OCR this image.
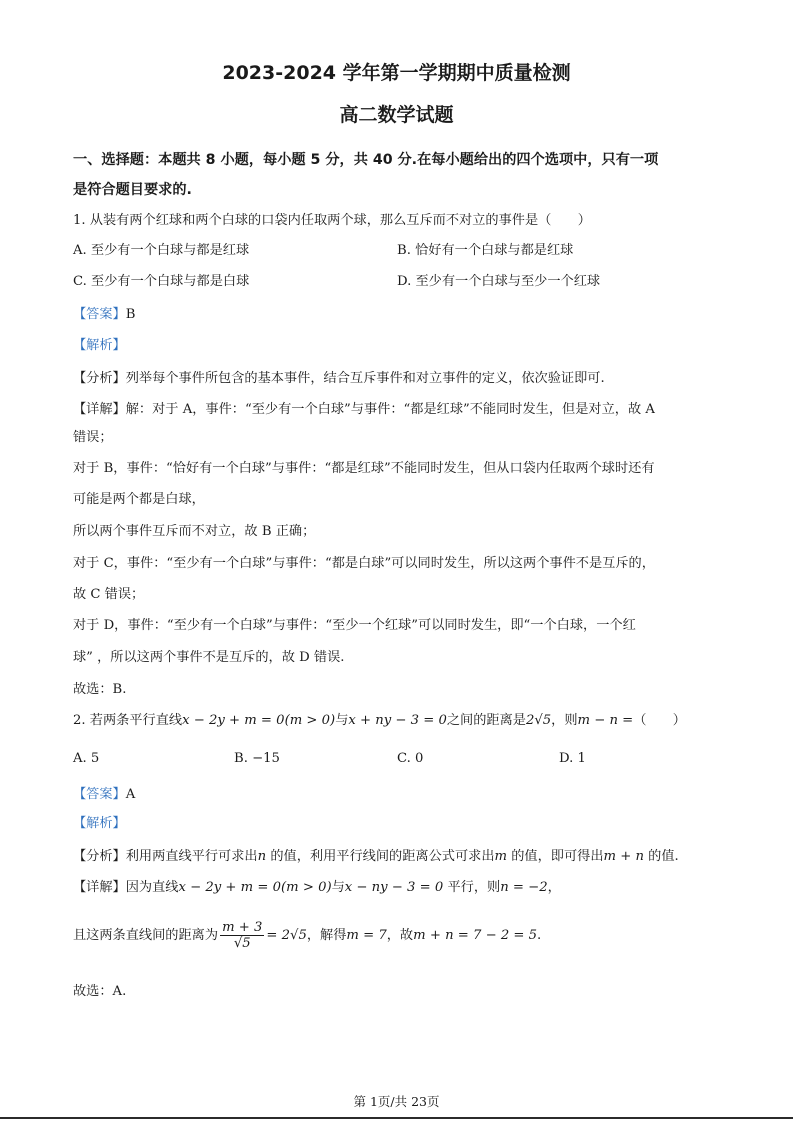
2023-2024 学年第一学期期中质量检测
高二数学试题
一、选择题：本题共 8 小题，每小题 5 分，共 40 分.在每小题给出的四个选项中，只有一项
是符合题目要求的.
1. 从装有两个红球和两个白球的口袋内任取两个球，那么互斥而不对立的事件是（　　）
A. 至少有一个白球与都是红球	B. 恰好有一个白球与都是红球
C. 至少有一个白球与都是白球	D. 至少有一个白球与至少一个红球
【答案】B
【解析】
【分析】列举每个事件所包含的基本事件，结合互斥事件和对立事件的定义，依次验证即可.
【详解】解：对于 A，事件：“至少有一个白球”与事件：“都是红球”不能同时发生，但是对立，故 A
错误；
对于 B，事件：“恰好有一个白球”与事件：“都是红球”不能同时发生，但从口袋内任取两个球时还有
可能是两个都是白球，
所以两个事件互斥而不对立，故 B 正确；
对于 C，事件：“至少有一个白球”与事件：“都是白球”可以同时发生，所以这两个事件不是互斥的，
故 C 错误；
对于 D，事件：“至少有一个白球”与事件：“至少一个红球”可以同时发生，即“一个白球，一个红
球” ，所以这两个事件不是互斥的，故 D 错误.
故选：B.
2. 若两条平行直线x − 2y + m = 0(m > 0)与x + ny − 3 = 0之间的距离是2√5，则m − n =（　　）
A. 5	B. −15	C. 0	D. 1
【答案】A
【解析】
【分析】利用两直线平行可求出n 的值，利用平行线间的距离公式可求出m 的值，即可得出m + n 的值.
【详解】因为直线x − 2y + m = 0(m > 0)与x − ny − 3 = 0 平行，则n = −2，
且这两条直线间的距离为 $\frac{m + 3}{√5} = 2√5$，解得m = 7，故m + n = 7 − 2 = 5.
故选：A.
第 1页/共 23页
